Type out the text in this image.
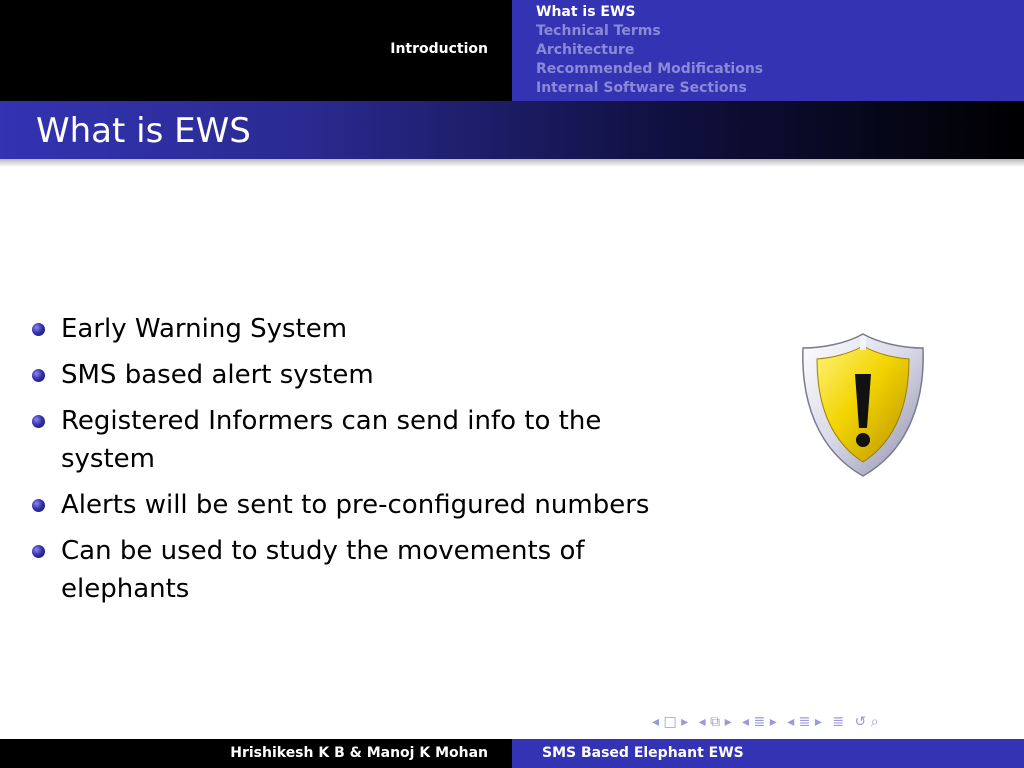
Introduction
What is EWS
Technical Terms
Architecture
Recommended Modifications
Internal Software Sections
What is EWS
Early Warning System
SMS based alert system
Registered Informers can send info to the system
Alerts will be sent to pre-configured numbers
Can be used to study the movements of elephants
◂ □ ▸ ◂ ⧉ ▸ ◂ ≣ ▸ ◂ ≣ ▸ ≣ ↺ ⌕
Hrishikesh K B & Manoj K Mohan	SMS Based Elephant EWS
